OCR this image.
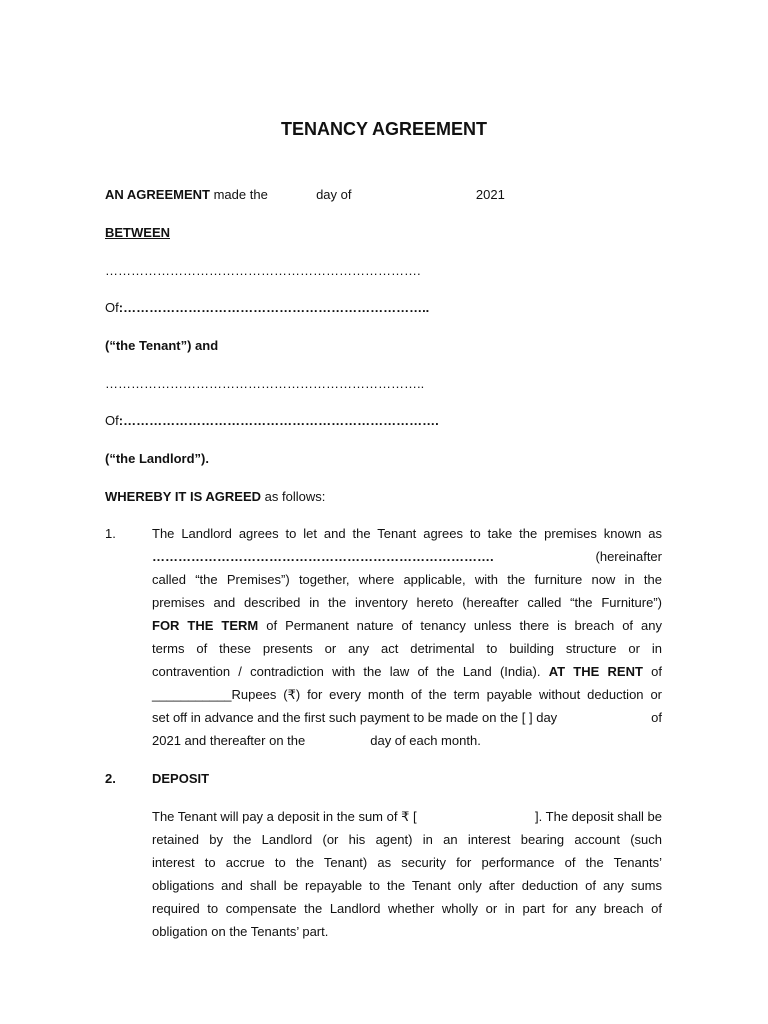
TENANCY AGREEMENT
AN AGREEMENT made the	day of	2021
BETWEEN
……………………………………………………………….
Of:……………………………………………………………..
(“the Tenant”) and
………………………………………………………………..
Of:……………………………………………………………….
(“the Landlord”).
WHEREBY IT IS AGREED as follows:
1.	The Landlord agrees to let and the Tenant agrees to take the premises known as
…………………………………………………………………….	(hereinafter
called “the Premises”) together, where applicable, with the furniture now in the
premises and described in the inventory hereto (hereafter called “the Furniture”)
FOR THE TERM of Permanent nature of tenancy unless there is breach of any
terms of these presents or any act detrimental to building structure or in
contravention / contradiction with the law of the Land (India). AT THE RENT of
___________Rupees (₹) for every month of the term payable without deduction or
set off in advance and the first such payment to be made on the [ ] day	of
2021 and thereafter on the	day of each month.
2.	DEPOSIT
The Tenant will pay a deposit in the sum of ₹ [	]. The deposit shall be
retained by the Landlord (or his agent) in an interest bearing account (such
interest to accrue to the Tenant) as security for performance of the Tenants’
obligations and shall be repayable to the Tenant only after deduction of any sums
required to compensate the Landlord whether wholly or in part for any breach of
obligation on the Tenants’ part.
